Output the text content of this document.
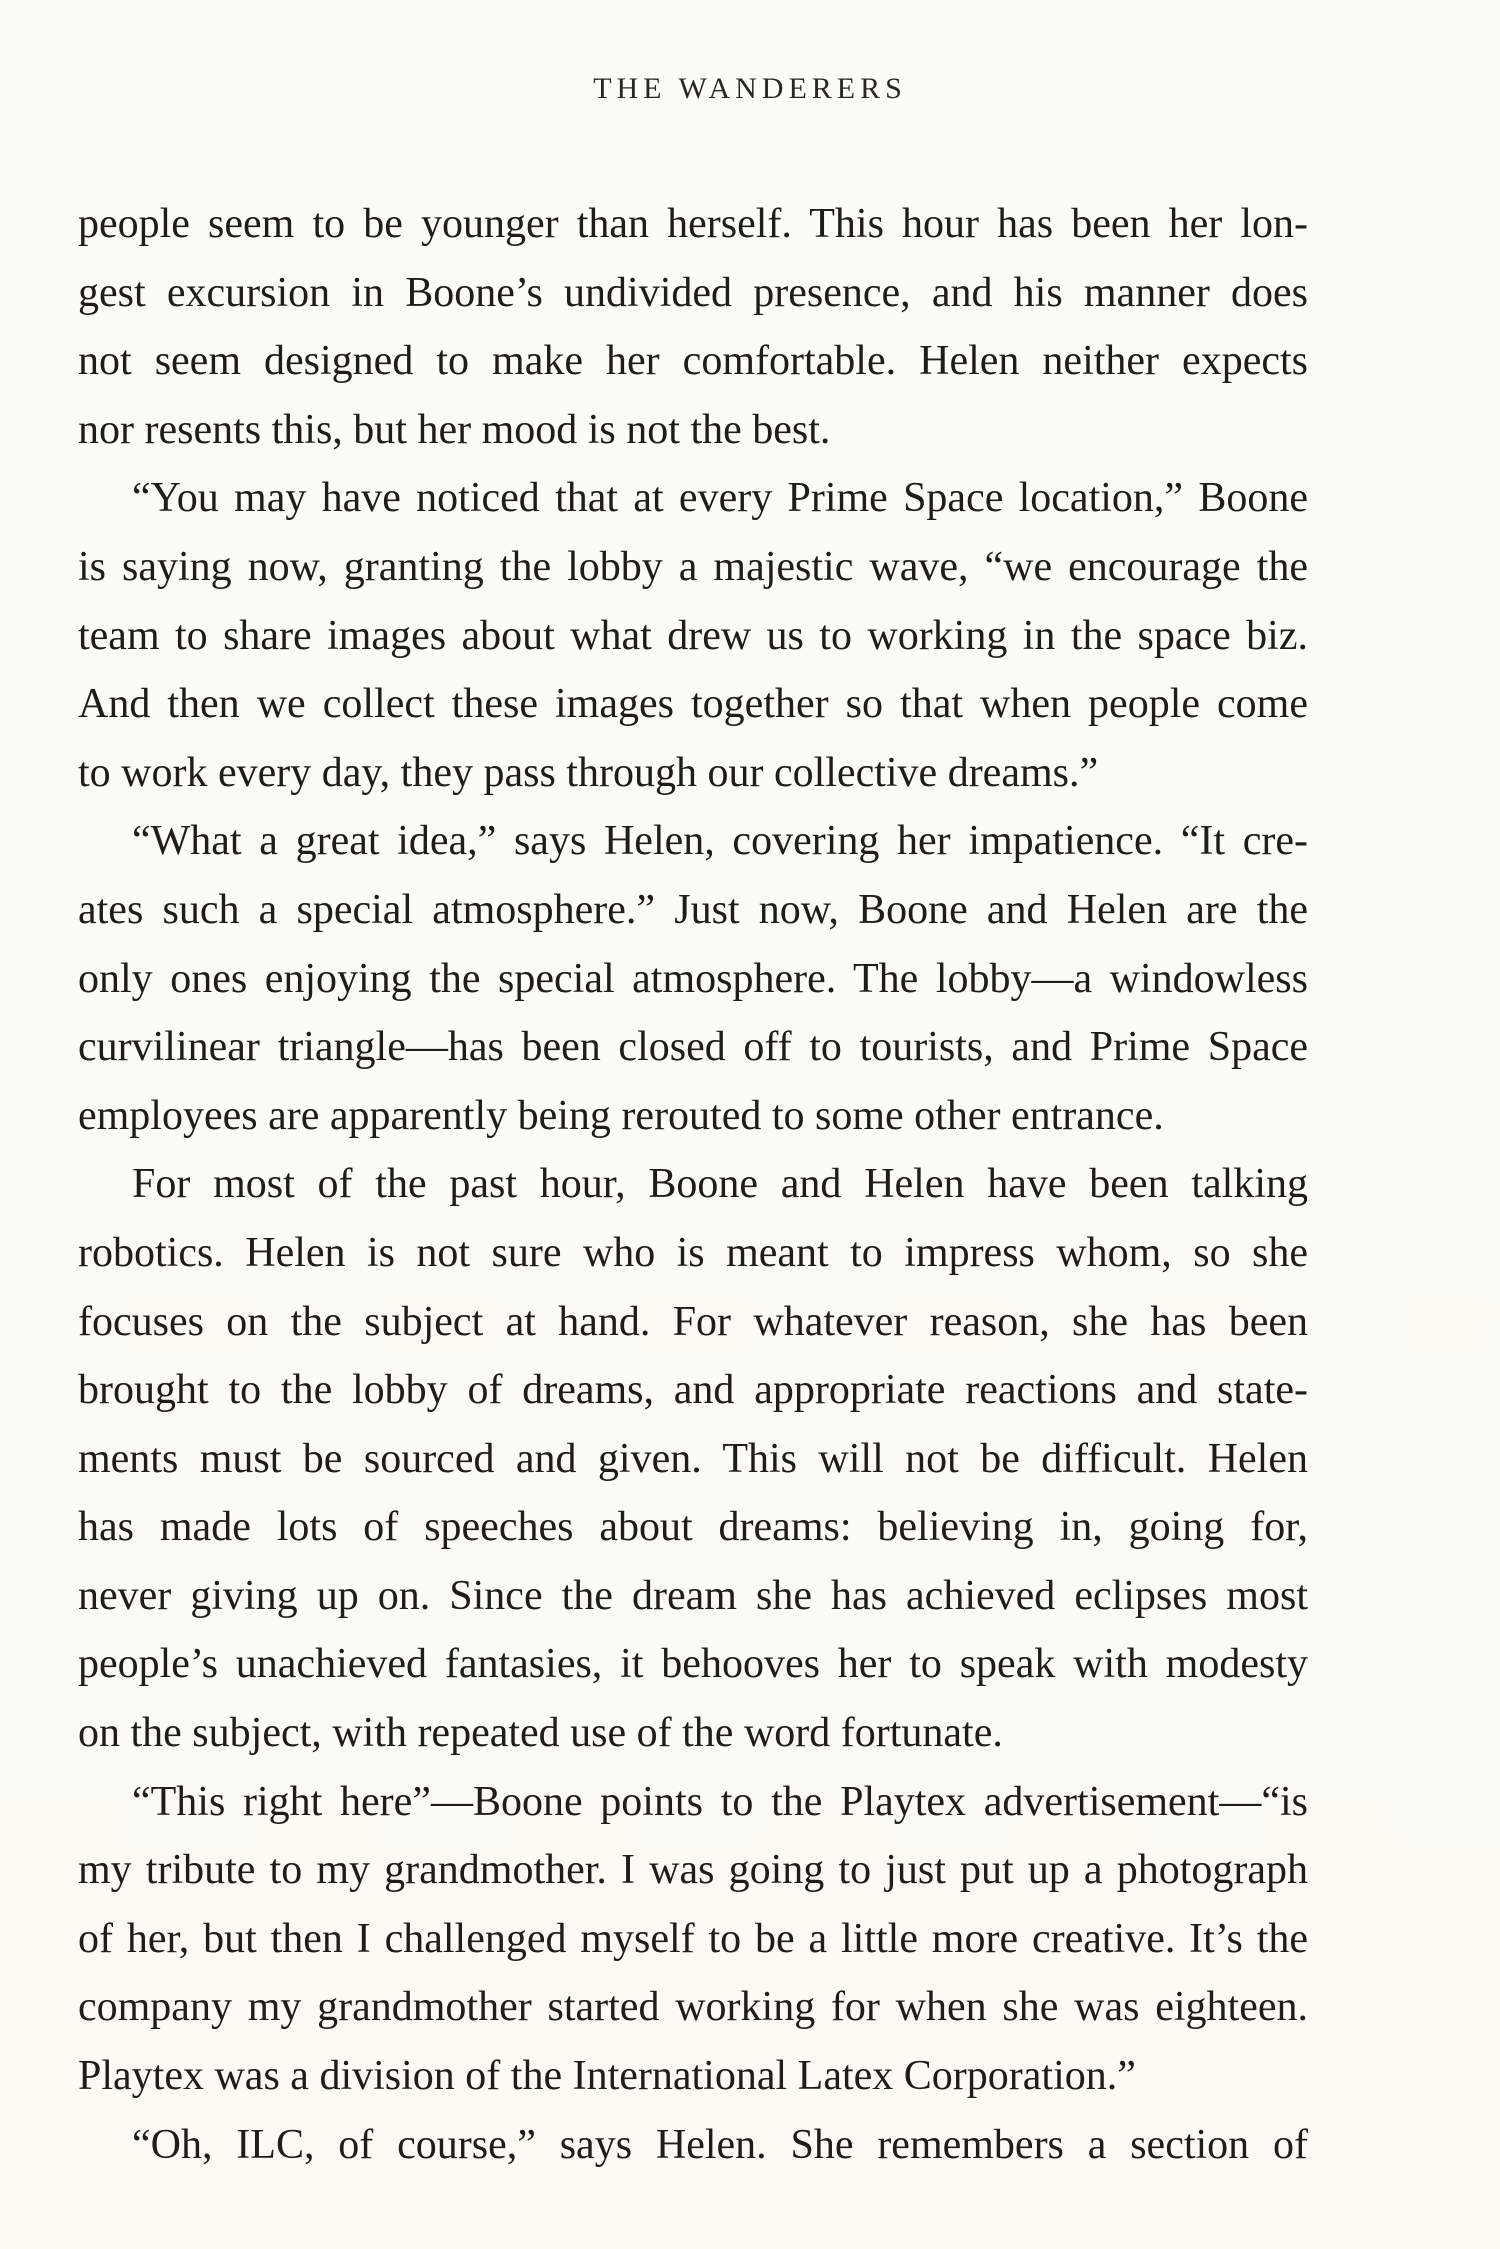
THE WANDERERS
people seem to be younger than herself. This hour has been her lon-
gest excursion in Boone’s undivided presence, and his manner does
not seem designed to make her comfortable. Helen neither expects
nor resents this, but her mood is not the best.
“You may have noticed that at every Prime Space location,” Boone
is saying now, granting the lobby a majestic wave, “we encourage the
team to share images about what drew us to working in the space biz.
And then we collect these images together so that when people come
to work every day, they pass through our collective dreams.”
“What a great idea,” says Helen, covering her impatience. “It cre-
ates such a special atmosphere.” Just now, Boone and Helen are the
only ones enjoying the special atmosphere. The lobby—a windowless
curvilinear triangle—has been closed off to tourists, and Prime Space
employees are apparently being rerouted to some other entrance.
For most of the past hour, Boone and Helen have been talking
robotics. Helen is not sure who is meant to impress whom, so she
focuses on the subject at hand. For whatever reason, she has been
brought to the lobby of dreams, and appropriate reactions and state-
ments must be sourced and given. This will not be difficult. Helen
has made lots of speeches about dreams: believing in, going for,
never giving up on. Since the dream she has achieved eclipses most
people’s unachieved fantasies, it behooves her to speak with modesty
on the subject, with repeated use of the word fortunate.
“This right here”—Boone points to the Playtex advertisement—“is
my tribute to my grandmother. I was going to just put up a photograph
of her, but then I challenged myself to be a little more creative. It’s the
company my grandmother started working for when she was eighteen.
Playtex was a division of the International Latex Corporation.”
“Oh, ILC, of course,” says Helen. She remembers a section of
